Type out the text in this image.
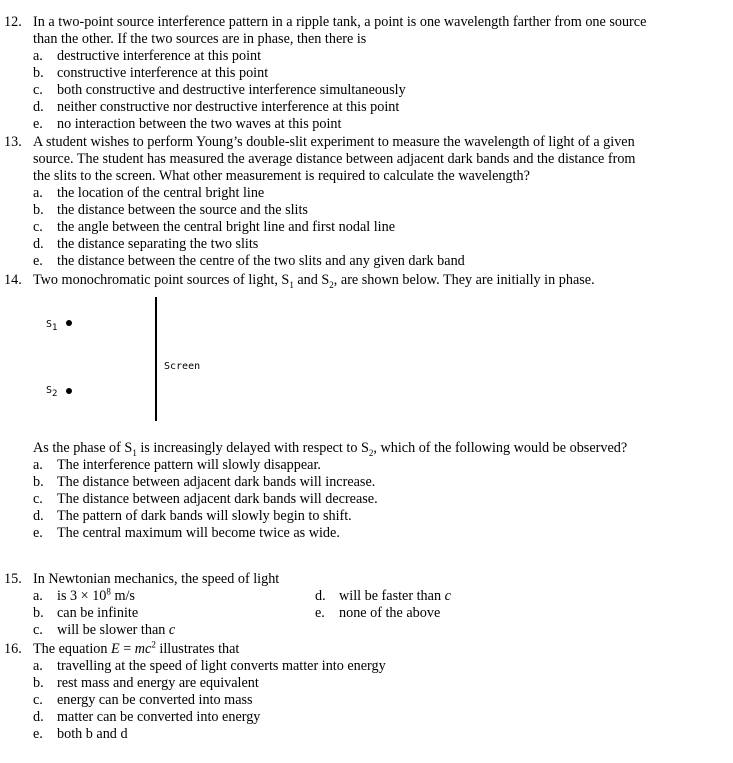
12. In a two-point source interference pattern in a ripple tank, a point is one wavelength farther from one source
than the other. If the two sources are in phase, then there is
a. destructive interference at this point
b. constructive interference at this point
c. both constructive and destructive interference simultaneously
d. neither constructive nor destructive interference at this point
e. no interaction between the two waves at this point
13. A student wishes to perform Young’s double-slit experiment to measure the wavelength of light of a given
source. The student has measured the average distance between adjacent dark bands and the distance from
the slits to the screen. What other measurement is required to calculate the wavelength?
a. the location of the central bright line
b. the distance between the source and the slits
c. the angle between the central bright line and first nodal line
d. the distance separating the two slits
e. the distance between the centre of the two slits and any given dark band
14. Two monochromatic point sources of light, $S_1$ and $S_2$, are shown below. They are initially in phase.
$S_1$
$S_2$
Screen
As the phase of $S_1$ is increasingly delayed with respect to $S_2$, which of the following would be observed?
a. The interference pattern will slowly disappear.
b. The distance between adjacent dark bands will increase.
c. The distance between adjacent dark bands will decrease.
d. The pattern of dark bands will slowly begin to shift.
e. The central maximum will become twice as wide.
15. In Newtonian mechanics, the speed of light
a. is $3 \times 10^8$ m/s
b. can be infinite
c. will be slower than c
d. will be faster than c
e. none of the above
16. The equation $E = mc^2$ illustrates that
a. travelling at the speed of light converts matter into energy
b. rest mass and energy are equivalent
c. energy can be converted into mass
d. matter can be converted into energy
e. both b and d
